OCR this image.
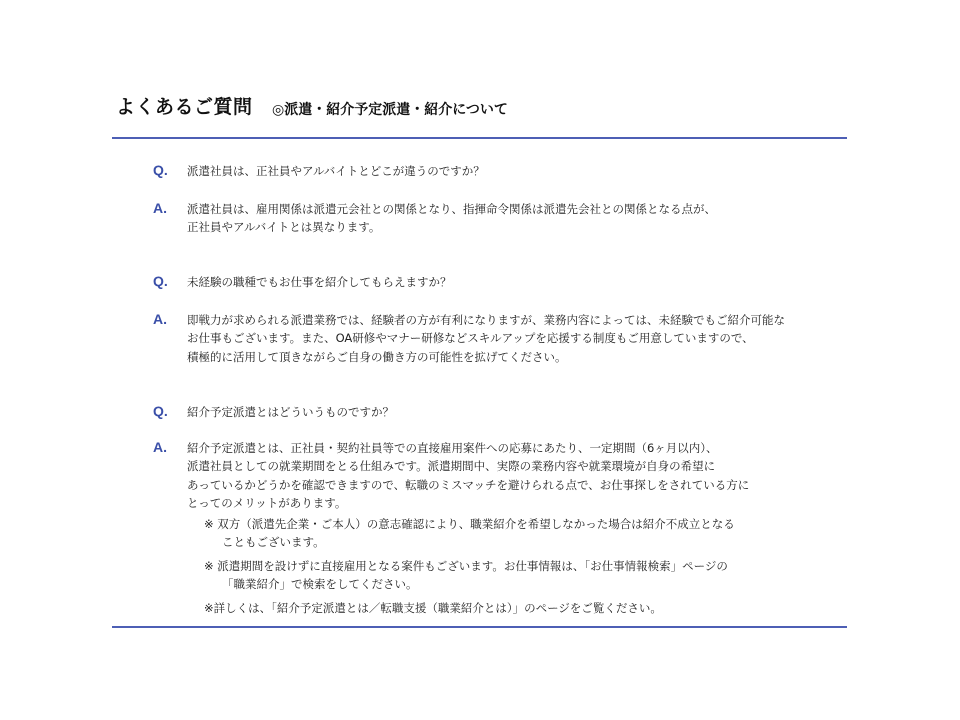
よくあるご質問 ◎派遣・紹介予定派遣・紹介について
Q. 派遣社員は、正社員やアルバイトとどこが違うのですか？
A. 派遣社員は、雇用関係は派遣元会社との関係となり、指揮命令関係は派遣先会社との関係となる点が、
正社員やアルバイトとは異なります。
Q. 未経験の職種でもお仕事を紹介してもらえますか？
A. 即戦力が求められる派遣業務では、経験者の方が有利になりますが、業務内容によっては、未経験でもご紹介可能な
お仕事もございます。また、OA研修やマナー研修などスキルアップを応援する制度もご用意していますので、
積極的に活用して頂きながらご自身の働き方の可能性を拡げてください。
Q. 紹介予定派遣とはどういうものですか？
A. 紹介予定派遣とは、正社員・契約社員等での直接雇用案件への応募にあたり、一定期間（6ヶ月以内）、
派遣社員としての就業期間をとる仕組みです。派遣期間中、実際の業務内容や就業環境が自身の希望に
あっているかどうかを確認できますので、転職のミスマッチを避けられる点で、お仕事探しをされている方に
とってのメリットがあります。
※ 双方（派遣先企業・ご本人）の意志確認により、職業紹介を希望しなかった場合は紹介不成立となる
こともございます。
※ 派遣期間を設けずに直接雇用となる案件もございます。お仕事情報は、「お仕事情報検索」ページの
「職業紹介」で検索をしてください。
※詳しくは、「紹介予定派遣とは／転職支援（職業紹介とは）」のページをご覧ください。
